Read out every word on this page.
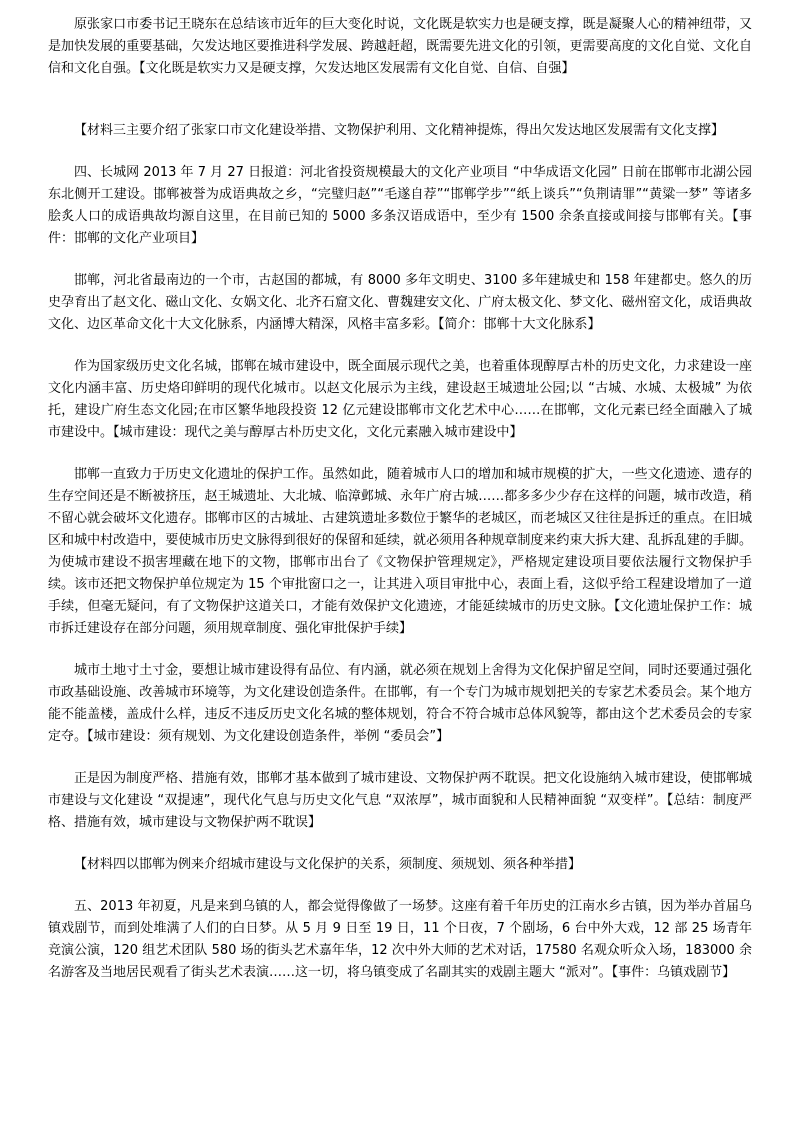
原张家口市委书记王晓东在总结该市近年的巨大变化时说，文化既是软实力也是硬支撑，既是凝聚人心的精神纽带，又是加快发展的重要基础，欠发达地区要推进科学发展、跨越赶超，既需要先进文化的引领，更需要高度的文化自觉、文化自信和文化自强。【文化既是软实力又是硬支撑，欠发达地区发展需有文化自觉、自信、自强】

【材料三主要介绍了张家口市文化建设举措、文物保护利用、文化精神提炼，得出欠发达地区发展需有文化支撑】

四、长城网 2013 年 7 月 27 日报道：河北省投资规模最大的文化产业项目 “中华成语文化园” 日前在邯郸市北湖公园东北侧开工建设。邯郸被誉为成语典故之乡，“完璧归赵”“毛遂自荐”“邯郸学步”“纸上谈兵”“负荆请罪”“黄粱一梦” 等诸多脍炙人口的成语典故均源自这里，在目前已知的 5000 多条汉语成语中，至少有 1500 余条直接或间接与邯郸有关。【事件：邯郸的文化产业项目】

邯郸，河北省最南边的一个市，古赵国的都城，有 8000 多年文明史、3100 多年建城史和 158 年建都史。悠久的历史孕育出了赵文化、磁山文化、女娲文化、北齐石窟文化、曹魏建安文化、广府太极文化、梦文化、磁州窑文化，成语典故文化、边区革命文化十大文化脉系，内涵博大精深，风格丰富多彩。【简介：邯郸十大文化脉系】

作为国家级历史文化名城，邯郸在城市建设中，既全面展示现代之美，也着重体现醇厚古朴的历史文化，力求建设一座文化内涵丰富、历史烙印鲜明的现代化城市。以赵文化展示为主线，建设赵王城遗址公园;以 “古城、水城、太极城” 为依托，建设广府生态文化园;在市区繁华地段投资 12 亿元建设邯郸市文化艺术中心……在邯郸，文化元素已经全面融入了城市建设中。【城市建设：现代之美与醇厚古朴历史文化，文化元素融入城市建设中】

邯郸一直致力于历史文化遗址的保护工作。虽然如此，随着城市人口的增加和城市规模的扩大，一些文化遗迹、遗存的生存空间还是不断被挤压，赵王城遗址、大北城、临漳邺城、永年广府古城……都多多少少存在这样的问题，城市改造，稍不留心就会破坏文化遗存。邯郸市区的古城址、古建筑遗址多数位于繁华的老城区，而老城区又往往是拆迁的重点。在旧城区和城中村改造中，要使城市历史文脉得到很好的保留和延续，就必须用各种规章制度来约束大拆大建、乱拆乱建的手脚。为使城市建设不损害埋藏在地下的文物，邯郸市出台了《文物保护管理规定》，严格规定建设项目要依法履行文物保护手续。该市还把文物保护单位规定为 15 个审批窗口之一，让其进入项目审批中心，表面上看，这似乎给工程建设增加了一道手续，但毫无疑问，有了文物保护这道关口，才能有效保护文化遗迹，才能延续城市的历史文脉。【文化遗址保护工作：城市拆迁建设存在部分问题，须用规章制度、强化审批保护手续】

城市土地寸土寸金，要想让城市建设得有品位、有内涵，就必须在规划上舍得为文化保护留足空间，同时还要通过强化市政基础设施、改善城市环境等，为文化建设创造条件。在邯郸，有一个专门为城市规划把关的专家艺术委员会。某个地方能不能盖楼，盖成什么样，违反不违反历史文化名城的整体规划，符合不符合城市总体风貌等，都由这个艺术委员会的专家定夺。【城市建设：须有规划、为文化建设创造条件，举例 “委员会”】

正是因为制度严格、措施有效，邯郸才基本做到了城市建设、文物保护两不耽误。把文化设施纳入城市建设，使邯郸城市建设与文化建设 “双提速”，现代化气息与历史文化气息 “双浓厚”，城市面貌和人民精神面貌 “双变样”。【总结：制度严格、措施有效，城市建设与文物保护两不耽误】

【材料四以邯郸为例来介绍城市建设与文化保护的关系，须制度、须规划、须各种举措】

五、2013 年初夏，凡是来到乌镇的人，都会觉得像做了一场梦。这座有着千年历史的江南水乡古镇，因为举办首届乌镇戏剧节，而到处堆满了人们的白日梦。从 5 月 9 日至 19 日，11 个日夜，7 个剧场，6 台中外大戏，12 部 25 场青年竞演公演，120 组艺术团队 580 场的街头艺术嘉年华，12 次中外大师的艺术对话，17580 名观众听众入场，183000 余名游客及当地居民观看了街头艺术表演……这一切，将乌镇变成了名副其实的戏剧主题大 “派对”。【事件：乌镇戏剧节】
